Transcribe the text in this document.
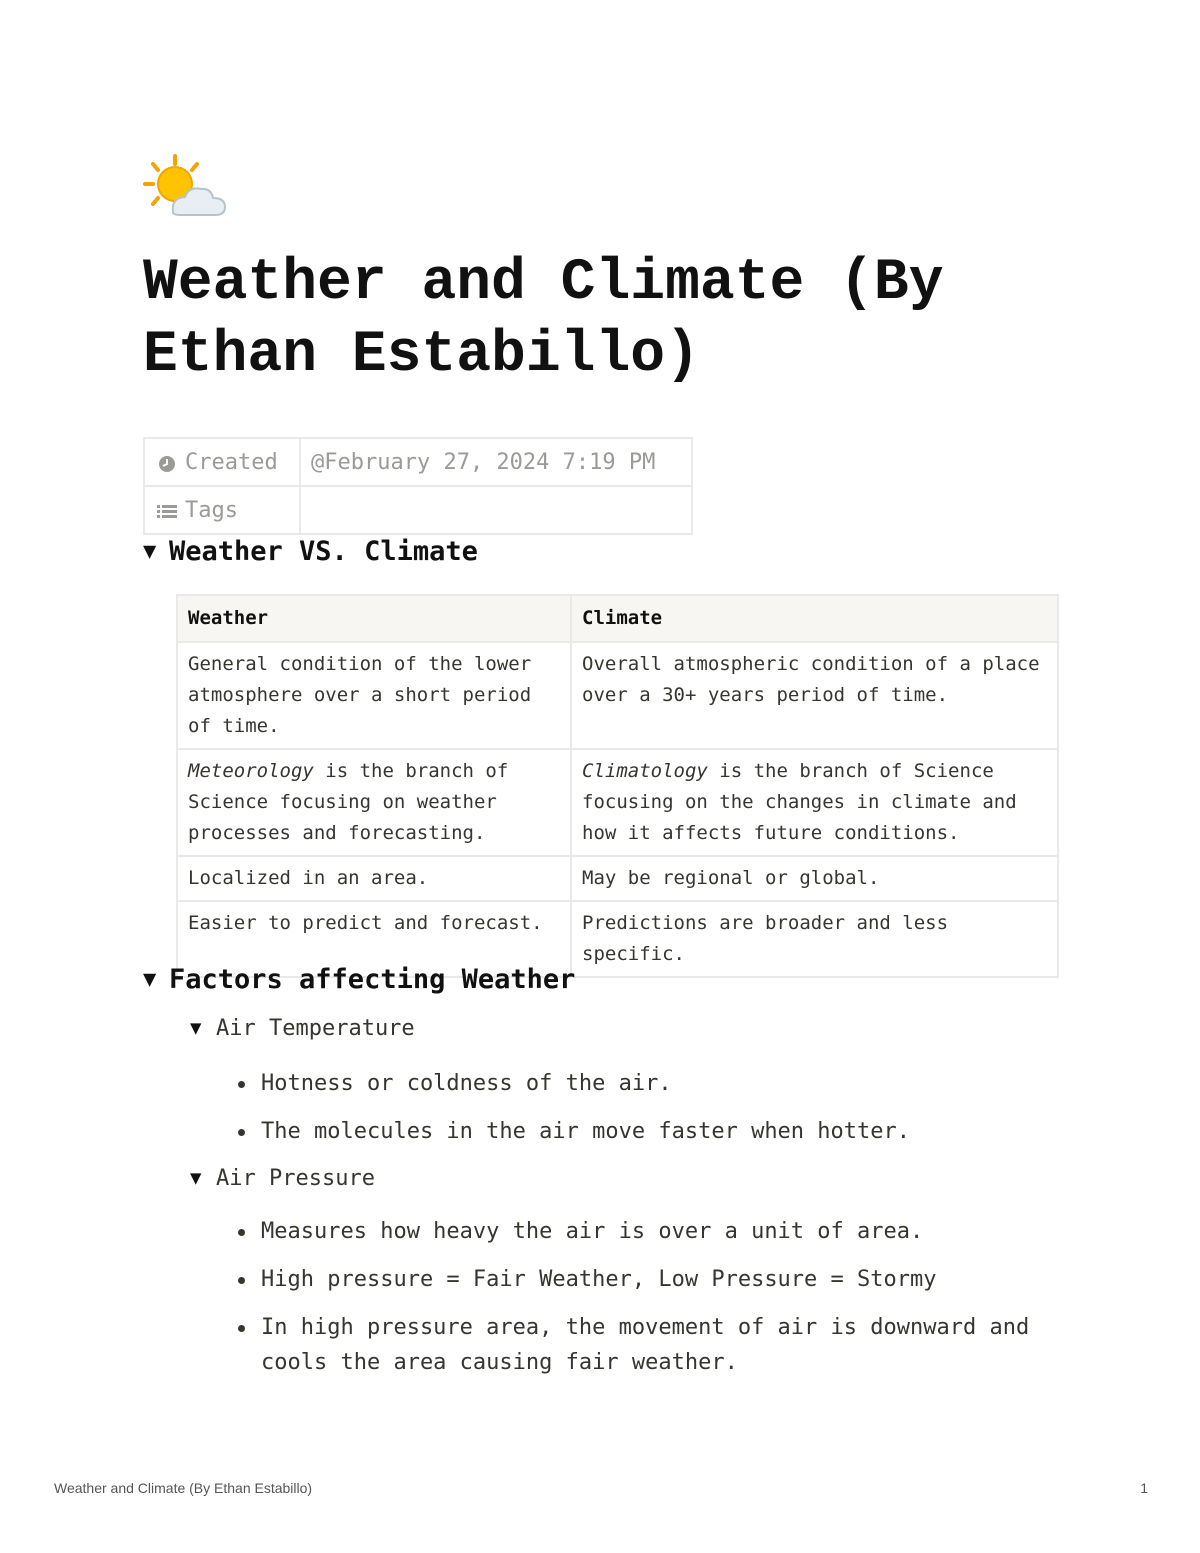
Weather and Climate (By Ethan Estabillo)
Created	@February 27, 2024 7:19 PM
Tags	
▼ Weather VS. Climate
Weather	Climate
General condition of the lower atmosphere over a short period of time.	Overall atmospheric condition of a place over a 30+ years period of time.
Meteorology is the branch of Science focusing on weather processes and forecasting.	Climatology is the branch of Science focusing on the changes in climate and how it affects future conditions.
Localized in an area.	May be regional or global.
Easier to predict and forecast.	Predictions are broader and less specific.
▼ Factors affecting Weather
▼ Air Temperature
Hotness or coldness of the air.
The molecules in the air move faster when hotter.
▼ Air Pressure
Measures how heavy the air is over a unit of area.
High pressure = Fair Weather, Low Pressure = Stormy
In high pressure area, the movement of air is downward and cools the area causing fair weather.
Weather and Climate (By Ethan Estabillo)	1
